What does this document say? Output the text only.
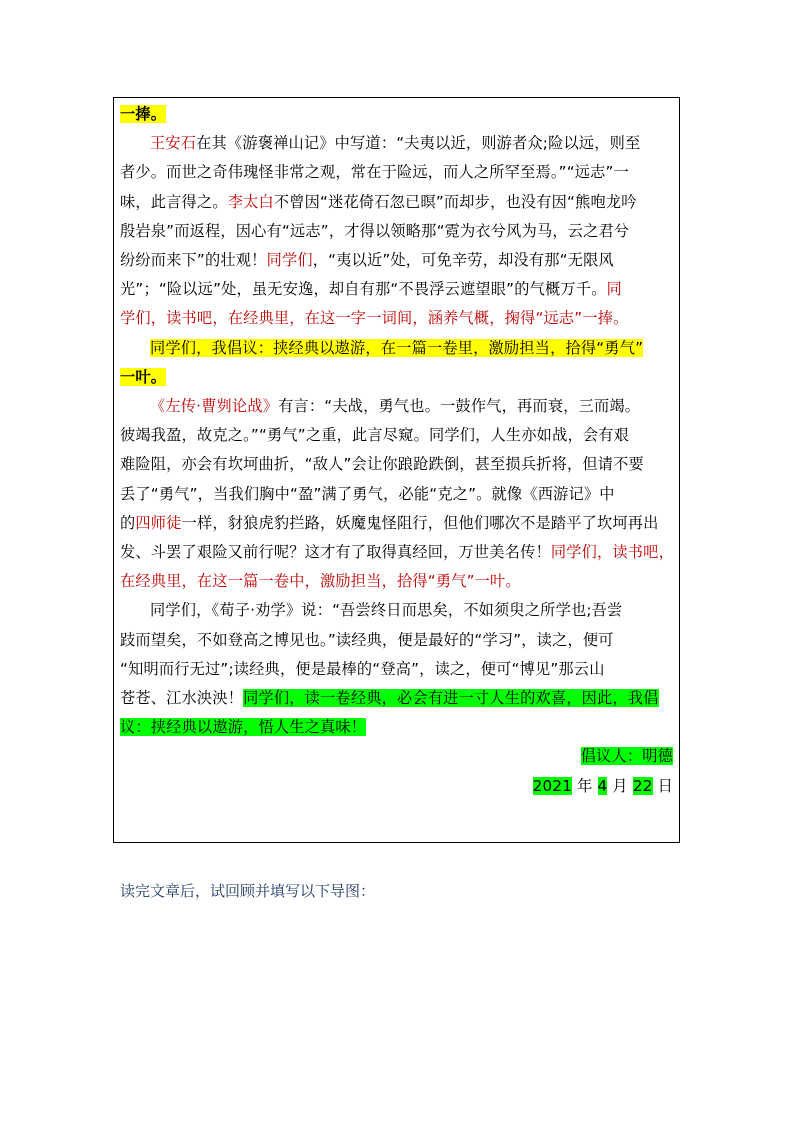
一捧。

王安石在其《游褒禅山记》中写道：“夫夷以近，则游者众;险以远，则至

者少。而世之奇伟瑰怪非常之观，常在于险远，而人之所罕至焉。”“远志”一

味，此言得之。李太白不曾因“迷花倚石忽已暝”而却步，也没有因“熊咆龙吟

殷岩泉”而返程，因心有“远志”，才得以领略那“霓为衣兮风为马，云之君兮

纷纷而来下”的壮观！同学们，“夷以近”处，可免辛劳，却没有那“无限风

光”；“险以远”处，虽无安逸，却自有那“不畏浮云遮望眼”的气概万千。同

学们，读书吧，在经典里，在这一字一词间，涵养气概，掬得“远志”一捧。

同学们，我倡议：挟经典以遨游，在一篇一卷里，激励担当，拾得“勇气”

一叶。

《左传·曹刿论战》有言：“夫战，勇气也。一鼓作气，再而衰，三而竭。

彼竭我盈，故克之。”“勇气”之重，此言尽窥。同学们，人生亦如战，会有艰

难险阻，亦会有坎坷曲折，“敌人”会让你踉跄跌倒，甚至损兵折将，但请不要

丢了“勇气”，当我们胸中“盈”满了勇气，必能“克之”。就像《西游记》中

的四师徒一样，豺狼虎豹拦路，妖魔鬼怪阻行，但他们哪次不是踏平了坎坷再出

发、斗罢了艰险又前行呢？这才有了取得真经回，万世美名传！同学们，读书吧，

在经典里，在这一篇一卷中，激励担当，拾得“勇气”一叶。

同学们，《荀子·劝学》说：“吾尝终日而思矣，不如须臾之所学也;吾尝

跂而望矣，不如登高之博见也。”读经典，便是最好的“学习”，读之，便可

“知明而行无过”;读经典，便是最棒的“登高”，读之，便可“博见”那云山

苍苍、江水泱泱！同学们，读一卷经典，必会有进一寸人生的欢喜，因此，我倡

议：挟经典以遨游，悟人生之真味！

倡议人：明德

2021 年 4 月 22 日

读完文章后，试回顾并填写以下导图：
